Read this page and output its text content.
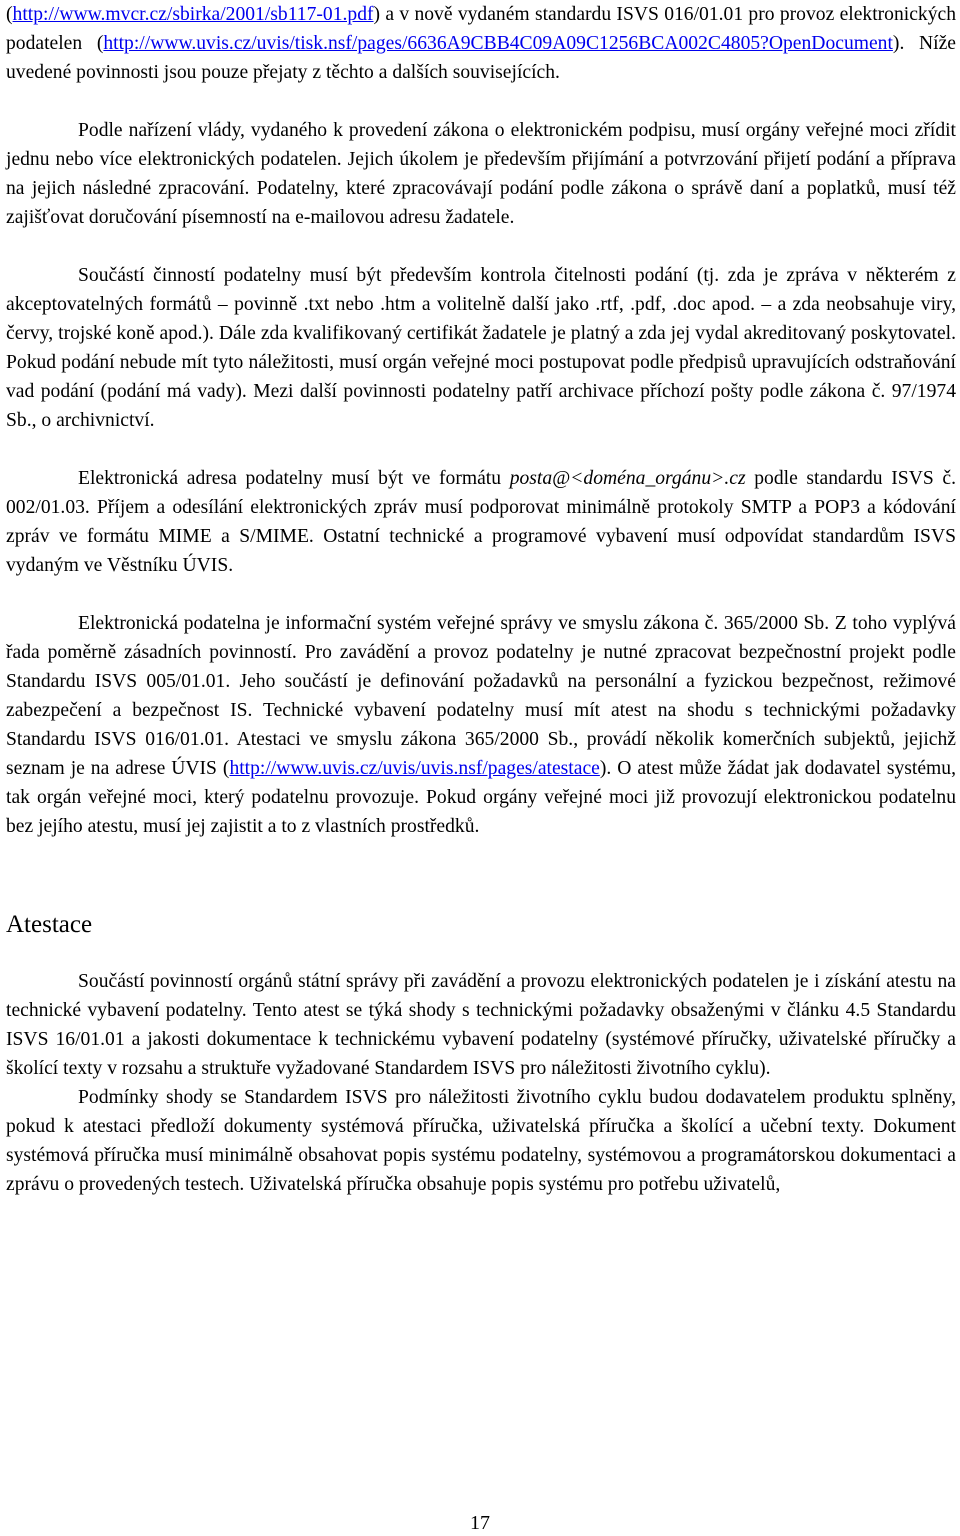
(http://www.mvcr.cz/sbirka/2001/sb117-01.pdf) a v nově vydaném standardu ISVS 016/01.01 pro provoz elektronických podatelen (http://www.uvis.cz/uvis/tisk.nsf/pages/6636A9CBB4C09A09C1256BCA002C4805?OpenDocument). Níže uvedené povinnosti jsou pouze přejaty z těchto a dalších souvisejících.

Podle nařízení vlády, vydaného k provedení zákona o elektronickém podpisu, musí orgány veřejné moci zřídit jednu nebo více elektronických podatelen. Jejich úkolem je především přijímání a potvrzování přijetí podání a příprava na jejich následné zpracování. Podatelny, které zpracovávají podání podle zákona o správě daní a poplatků, musí též zajišťovat doručování písemností na e-mailovou adresu žadatele.

Součástí činností podatelny musí být především kontrola čitelnosti podání (tj. zda je zpráva v některém z akceptovatelných formátů – povinně .txt nebo .htm a volitelně další jako .rtf, .pdf, .doc apod. – a zda neobsahuje viry, červy, trojské koně apod.). Dále zda kvalifikovaný certifikát žadatele je platný a zda jej vydal akreditovaný poskytovatel. Pokud podání nebude mít tyto náležitosti, musí orgán veřejné moci postupovat podle předpisů upravujících odstraňování vad podání (podání má vady). Mezi další povinnosti podatelny patří archivace příchozí pošty podle zákona č. 97/1974 Sb., o archivnictví.

Elektronická adresa podatelny musí být ve formátu posta@<doména_orgánu>.cz podle standardu ISVS č. 002/01.03. Příjem a odesílání elektronických zpráv musí podporovat minimálně protokoly SMTP a POP3 a kódování zpráv ve formátu MIME a S/MIME. Ostatní technické a programové vybavení musí odpovídat standardům ISVS vydaným ve Věstníku ÚVIS.

Elektronická podatelna je informační systém veřejné správy ve smyslu zákona č. 365/2000 Sb. Z toho vyplývá řada poměrně zásadních povinností. Pro zavádění a provoz podatelny je nutné zpracovat bezpečnostní projekt podle Standardu ISVS 005/01.01. Jeho součástí je definování požadavků na personální a fyzickou bezpečnost, režimové zabezpečení a bezpečnost IS. Technické vybavení podatelny musí mít atest na shodu s technickými požadavky Standardu ISVS 016/01.01. Atestaci ve smyslu zákona 365/2000 Sb., provádí několik komerčních subjektů, jejichž seznam je na adrese ÚVIS (http://www.uvis.cz/uvis/uvis.nsf/pages/atestace). O atest může žádat jak dodavatel systému, tak orgán veřejné moci, který podatelnu provozuje. Pokud orgány veřejné moci již provozují elektronickou podatelnu bez jejího atestu, musí jej zajistit a to z vlastních prostředků.

Atestace

Součástí povinností orgánů státní správy při zavádění a provozu elektronických podatelen je i získání atestu na technické vybavení podatelny. Tento atest se týká shody s technickými požadavky obsaženými v článku 4.5 Standardu ISVS 16/01.01 a jakosti dokumentace k technickému vybavení podatelny (systémové příručky, uživatelské příručky a školící texty v rozsahu a struktuře vyžadované Standardem ISVS pro náležitosti životního cyklu).

Podmínky shody se Standardem ISVS pro náležitosti životního cyklu budou dodavatelem produktu splněny, pokud k atestaci předloží dokumenty systémová příručka, uživatelská příručka a školící a učební texty. Dokument systémová příručka musí minimálně obsahovat popis systému podatelny, systémovou a programátorskou dokumentaci a zprávu o provedených testech. Uživatelská příručka obsahuje popis systému pro potřebu uživatelů,

17
